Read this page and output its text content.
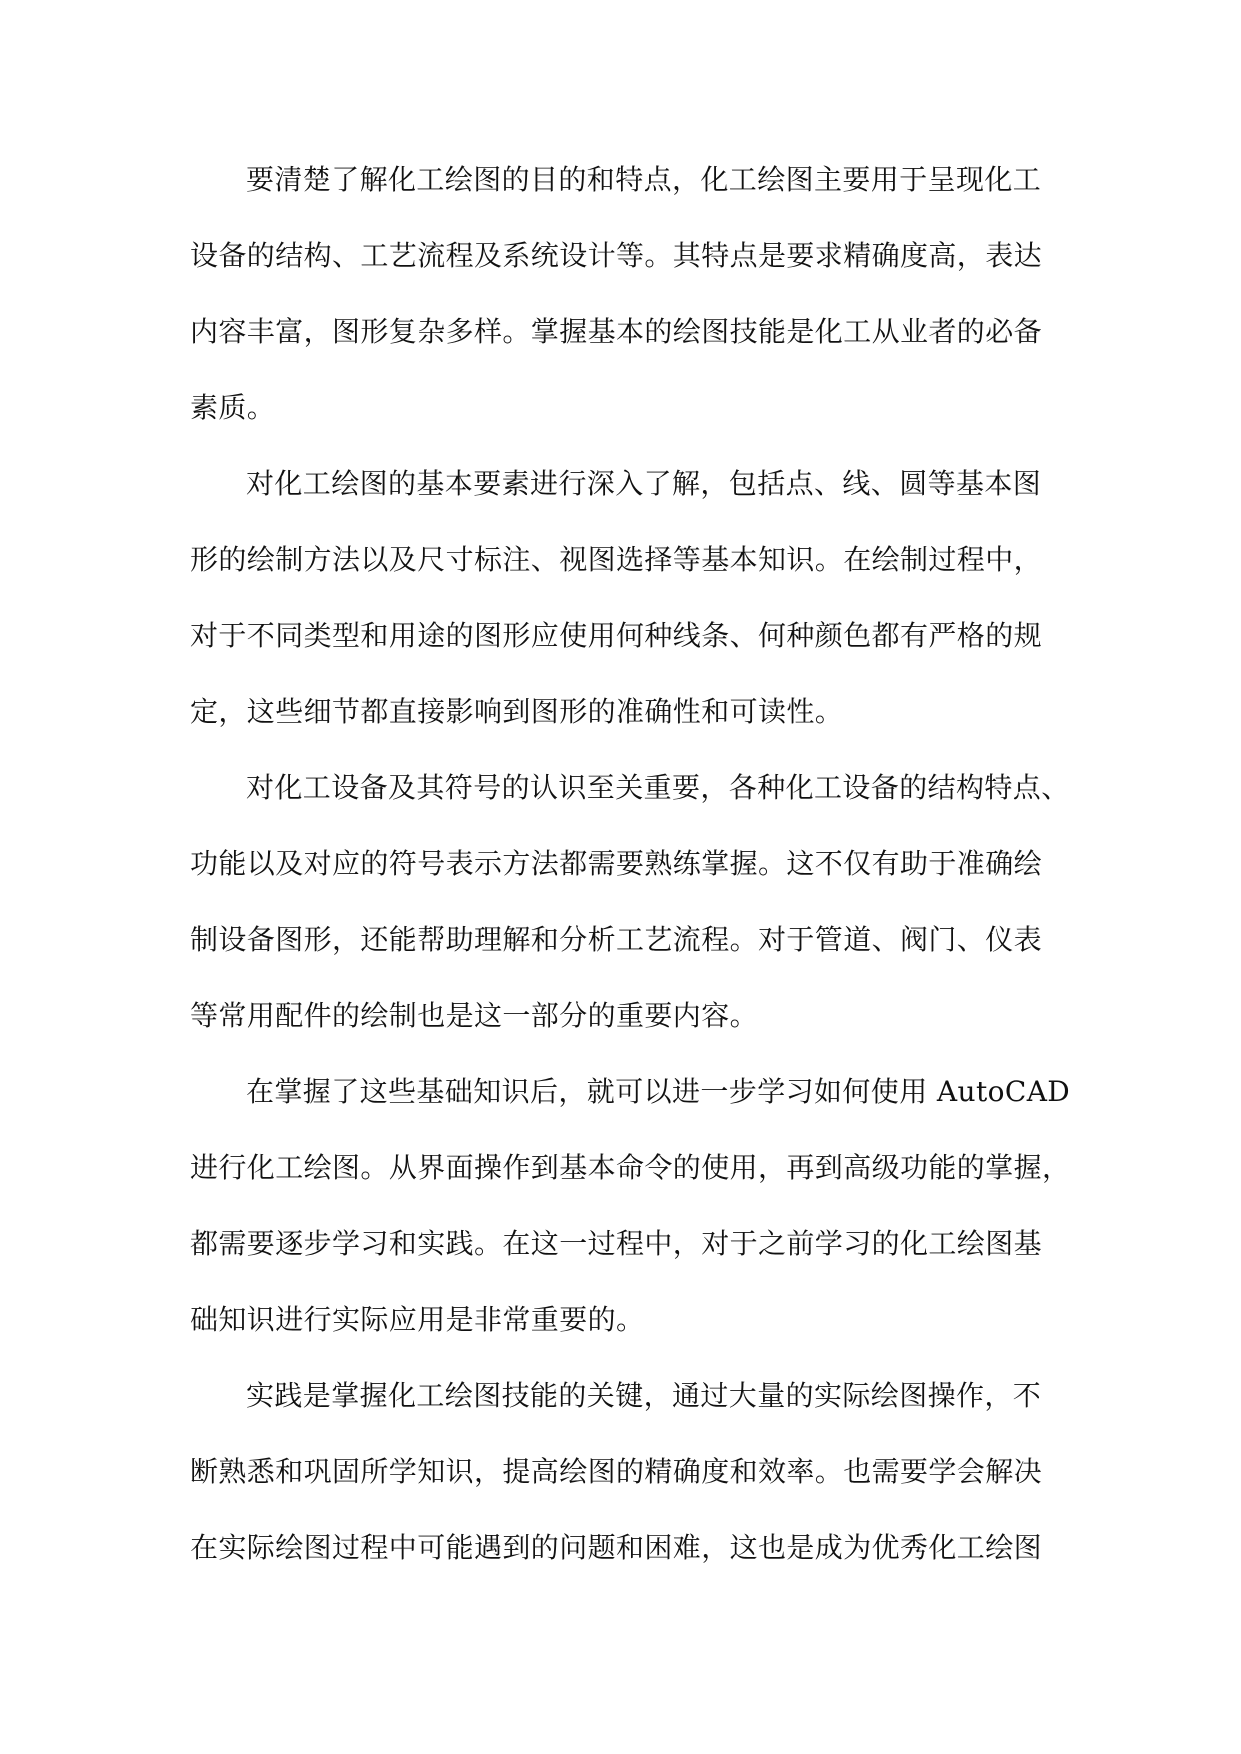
要清楚了解化工绘图的目的和特点，化工绘图主要用于呈现化工
设备的结构、工艺流程及系统设计等。其特点是要求精确度高，表达
内容丰富，图形复杂多样。掌握基本的绘图技能是化工从业者的必备
素质。

对化工绘图的基本要素进行深入了解，包括点、线、圆等基本图
形的绘制方法以及尺寸标注、视图选择等基本知识。在绘制过程中，
对于不同类型和用途的图形应使用何种线条、何种颜色都有严格的规
定，这些细节都直接影响到图形的准确性和可读性。

对化工设备及其符号的认识至关重要，各种化工设备的结构特点、
功能以及对应的符号表示方法都需要熟练掌握。这不仅有助于准确绘
制设备图形，还能帮助理解和分析工艺流程。对于管道、阀门、仪表
等常用配件的绘制也是这一部分的重要内容。

在掌握了这些基础知识后，就可以进一步学习如何使用 AutoCAD
进行化工绘图。从界面操作到基本命令的使用，再到高级功能的掌握，
都需要逐步学习和实践。在这一过程中，对于之前学习的化工绘图基
础知识进行实际应用是非常重要的。

实践是掌握化工绘图技能的关键，通过大量的实际绘图操作，不
断熟悉和巩固所学知识，提高绘图的精确度和效率。也需要学会解决
在实际绘图过程中可能遇到的问题和困难，这也是成为优秀化工绘图
